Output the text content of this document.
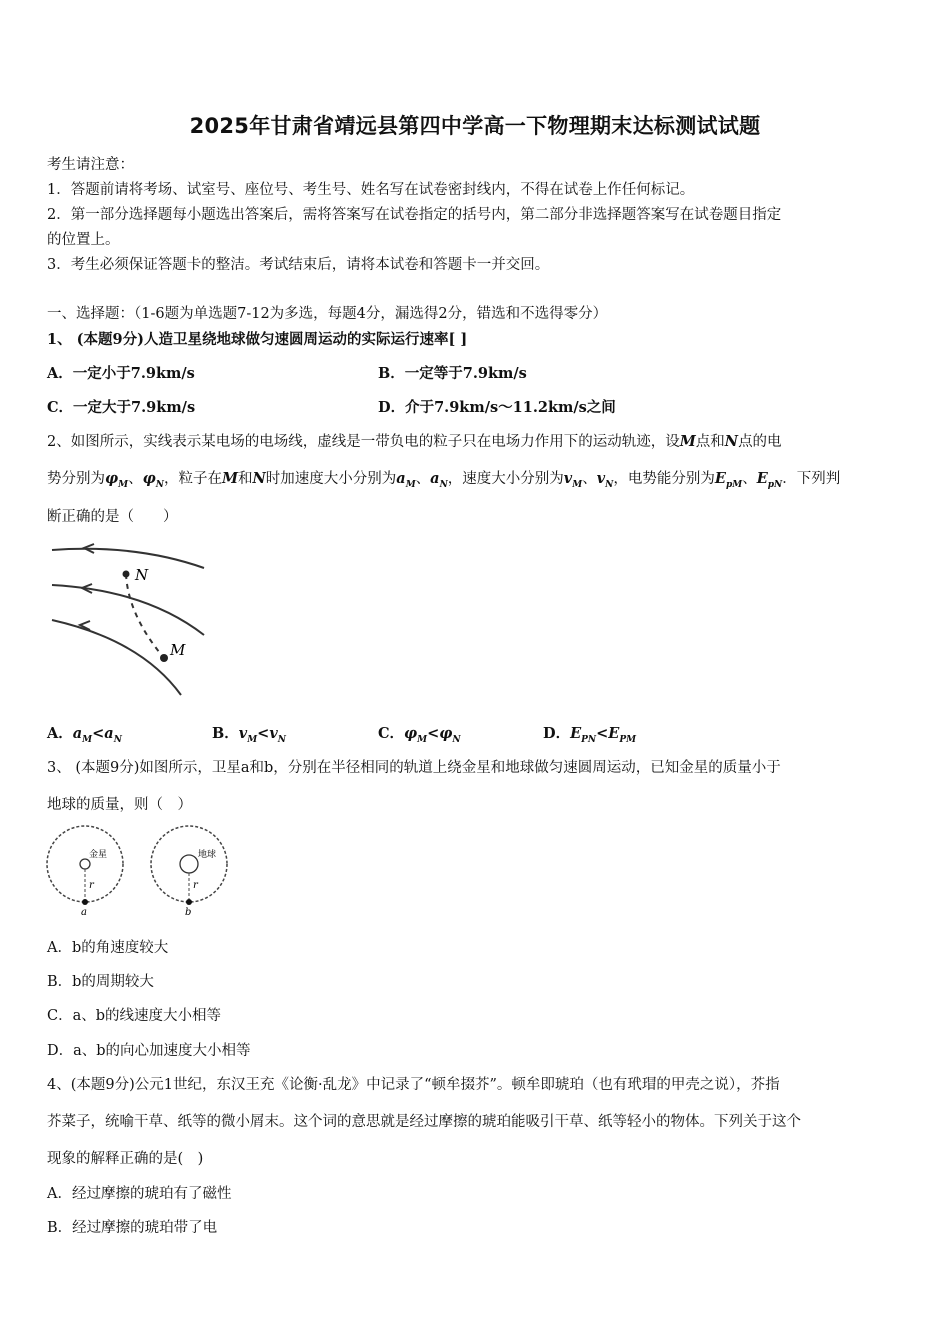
2025年甘肃省靖远县第四中学高一下物理期末达标测试试题
考生请注意：
1．答题前请将考场、试室号、座位号、考生号、姓名写在试卷密封线内，不得在试卷上作任何标记。
2．第一部分选择题每小题选出答案后，需将答案写在试卷指定的括号内，第二部分非选择题答案写在试卷题目指定
的位置上。
3．考生必须保证答题卡的整洁。考试结束后，请将本试卷和答题卡一并交回。
一、选择题：（1-6题为单选题7-12为多选，每题4分，漏选得2分，错选和不选得零分）
1、 (本题9分)人造卫星绕地球做匀速圆周运动的实际运行速率[ ]
A．一定小于7.9km/s	B．一定等于7.9km/s
C．一定大于7.9km/s	D．介于7.9km/s～11.2km/s之间
2、如图所示，实线表示某电场的电场线，虚线是一带负电的粒子只在电场力作用下的运动轨迹，设M点和N点的电
势分别为$\varphi_M$、$\varphi_N$，粒子在M和N时加速度大小分别为$a_M$、$a_N$，速度大小分别为$v_M$、$v_N$，电势能分别为$E_{pM}$、$E_{pN}$．下列判
断正确的是（　　）
N
M
A．$a_M<a_N$	B．$v_M<v_N$	C．$\varphi_M<\varphi_N$	D．$E_{PN}<E_{PM}$
3、 (本题9分)如图所示，卫星a和b，分别在半径相同的轨道上绕金星和地球做匀速圆周运动，已知金星的质量小于
地球的质量，则（　）
金星
r
a
地球
r
b
A．b的角速度较大
B．b的周期较大
C．a、b的线速度大小相等
D．a、b的向心加速度大小相等
4、(本题9分)公元1世纪，东汉王充《论衡·乱龙》中记录了“顿牟掇芥”。顿牟即琥珀（也有玳瑁的甲壳之说），芥指
芥菜子，统喻干草、纸等的微小屑末。这个词的意思就是经过摩擦的琥珀能吸引干草、纸等轻小的物体。下列关于这个
现象的解释正确的是(　)
A．经过摩擦的琥珀有了磁性
B．经过摩擦的琥珀带了电
